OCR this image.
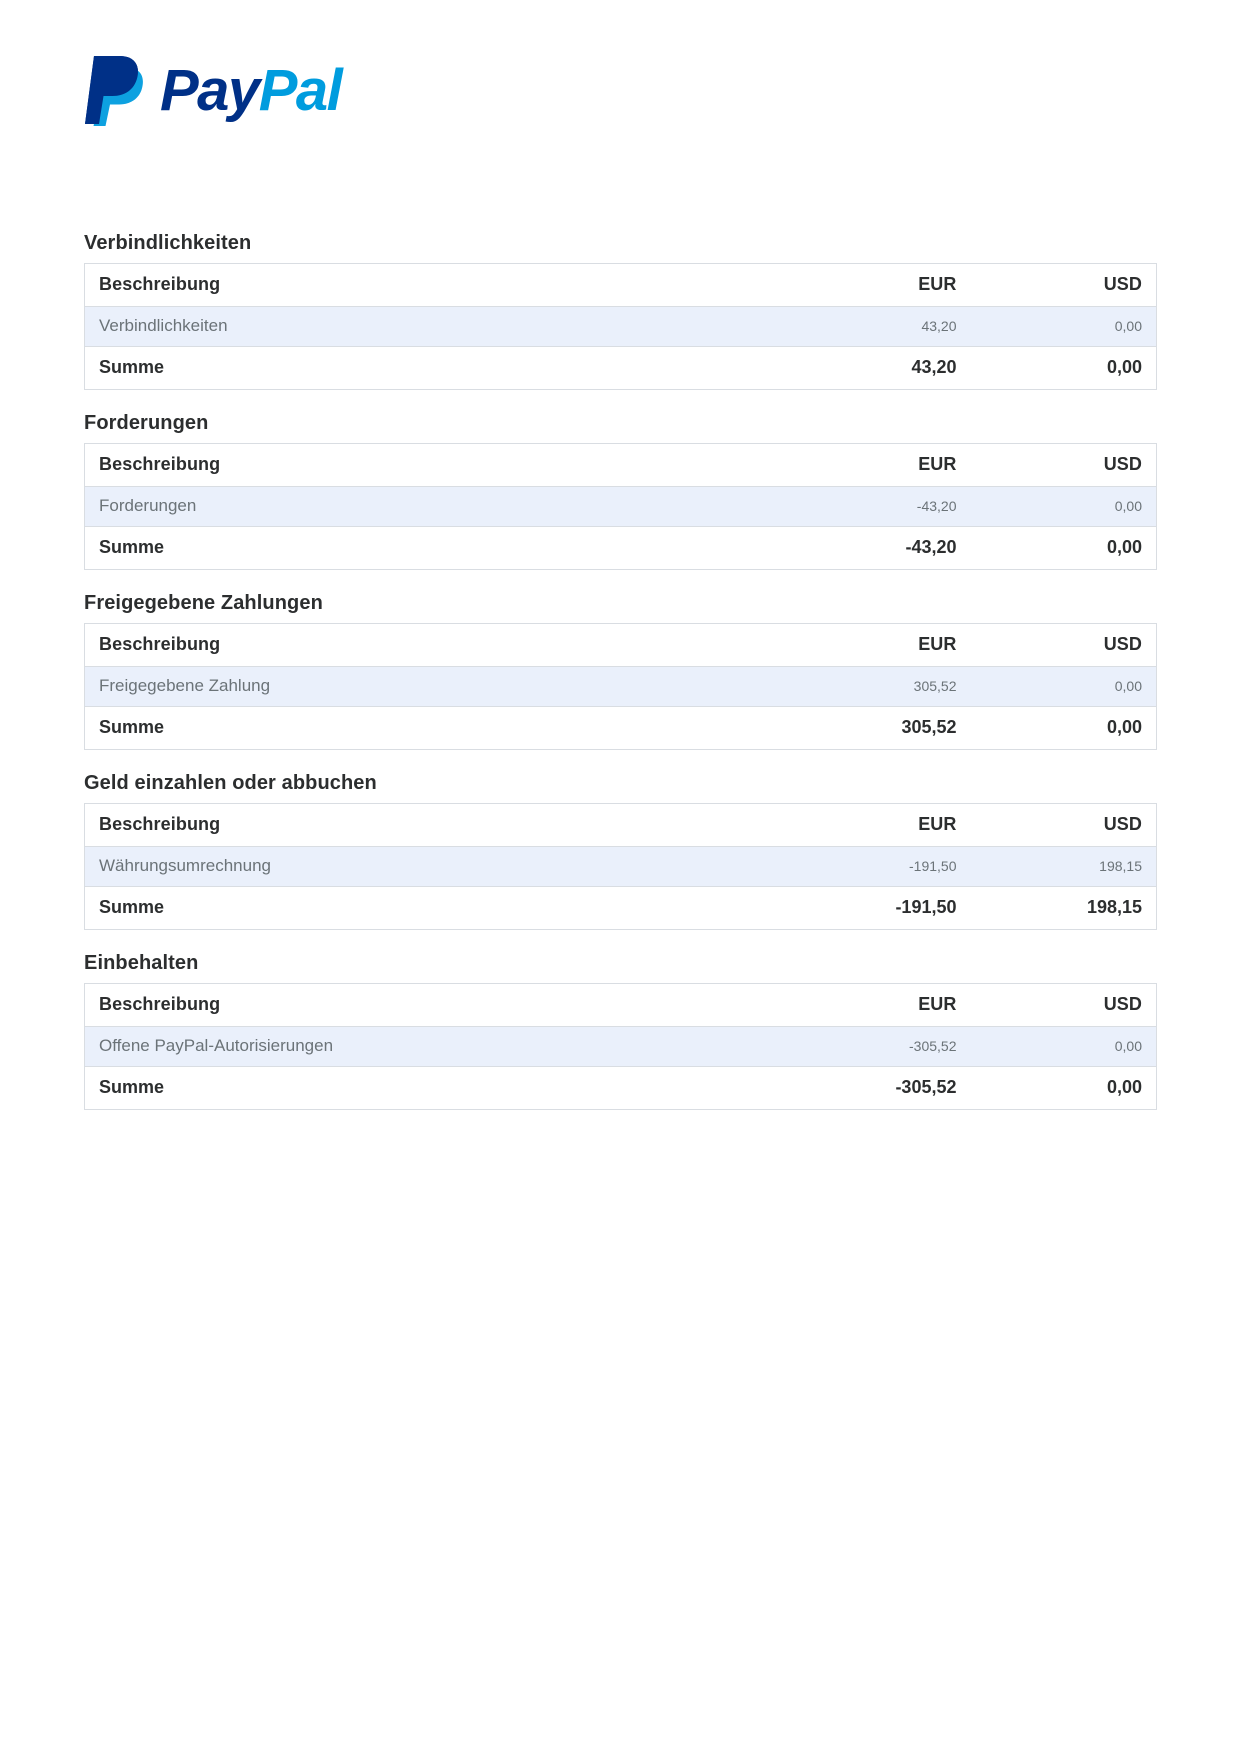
Pay Pal
Verbindlichkeiten
Beschreibung	EUR	USD
Verbindlichkeiten	43,20	0,00
Summe	43,20	0,00
Forderungen
Beschreibung	EUR	USD
Forderungen	-43,20	0,00
Summe	-43,20	0,00
Freigegebene Zahlungen
Beschreibung	EUR	USD
Freigegebene Zahlung	305,52	0,00
Summe	305,52	0,00
Geld einzahlen oder abbuchen
Beschreibung	EUR	USD
Währungsumrechnung	-191,50	198,15
Summe	-191,50	198,15
Einbehalten
Beschreibung	EUR	USD
Offene PayPal-Autorisierungen	-305,52	0,00
Summe	-305,52	0,00
